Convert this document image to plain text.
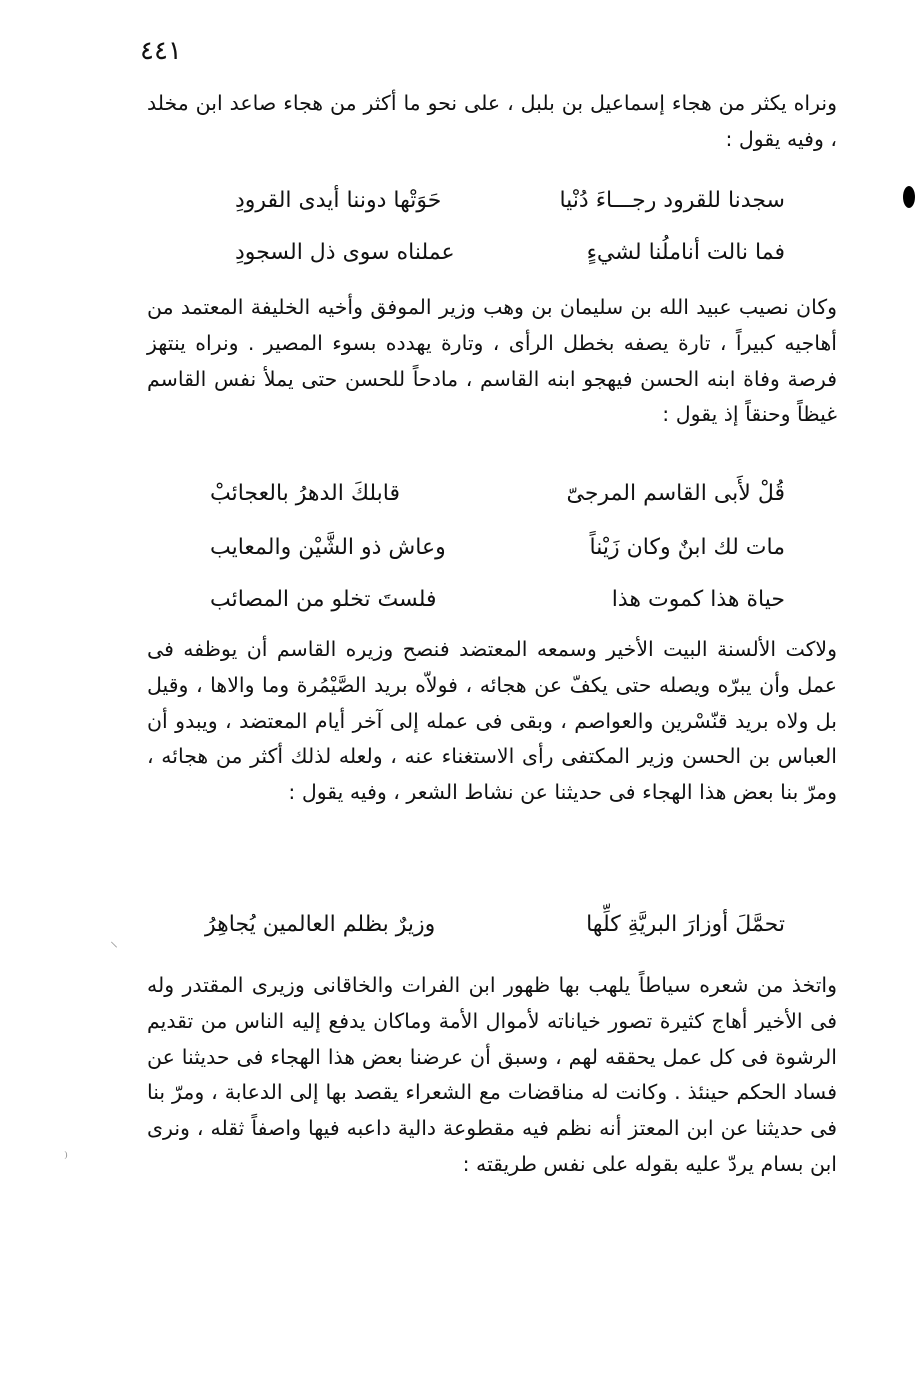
٤٤١

ونراه يكثر من هجاء إسماعيل بن بلبل ، على نحو ما أكثر من هجاء صاعد ابن مخلد ، وفيه يقول :

سجدنا للقرود رجـــاءَ دُنْيا
حَوَتْها دوننا أيدى القرودِ
فما نالت أناملُنا لشيءٍ
عملناه سوى ذل السجودِ

وكان نصيب عبيد الله بن سليمان بن وهب وزير الموفق وأخيه الخليفة المعتمد من أهاجيه كبيراً ، تارة يصفه بخطل الرأى ، وتارة يهدده بسوء المصير . ونراه ينتهز فرصة وفاة ابنه الحسن فيهجو ابنه القاسم ، مادحاً للحسن حتى يملأ نفس القاسم غيظاً وحنقاً إذ يقول :

قُلْ لأَبى القاسم المرجىّ
قابلكَ الدهرُ بالعجائبْ
مات لك ابنٌ وكان زَيْناً
وعاش ذو الشَّيْن والمعايب
حياة هذا كموت هذا
فلستَ تخلو من المصائب

ولاكت الألسنة البيت الأخير وسمعه المعتضد فنصح وزيره القاسم أن يوظفه فى عمل وأن يبرّه ويصله حتى يكفّ عن هجائه ، فولاّه بريد الصَّيْمُرة وما والاها ، وقيل بل ولاه بريد قنّسْرين والعواصم ، وبقى فى عمله إلى آخر أيام المعتضد ، ويبدو أن العباس بن الحسن وزير المكتفى رأى الاستغناء عنه ، ولعله لذلك أكثر من هجائه ، ومرّ بنا بعض هذا الهجاء فى حديثنا عن نشاط الشعر ، وفيه يقول :

تحمَّلَ أوزارَ البريَّةِ كلِّها
وزيرٌ بظلم العالمين يُجاهِرُ

واتخذ من شعره سياطاً يلهب بها ظهور ابن الفرات والخاقانى وزيرى المقتدر وله فى الأخير أهاج كثيرة تصور خياناته لأموال الأمة وماكان يدفع إليه الناس من تقديم الرشوة فى كل عمل يحققه لهم ، وسبق أن عرضنا بعض هذا الهجاء فى حديثنا عن فساد الحكم حينئذ . وكانت له مناقضات مع الشعراء يقصد بها إلى الدعابة ، ومرّ بنا فى حديثنا عن ابن المعتز أنه نظم فيه مقطوعة دالية داعبه فيها واصفاً ثقله ، ونرى ابن بسام يردّ عليه بقوله على نفس طريقته :

⁾
⸌
